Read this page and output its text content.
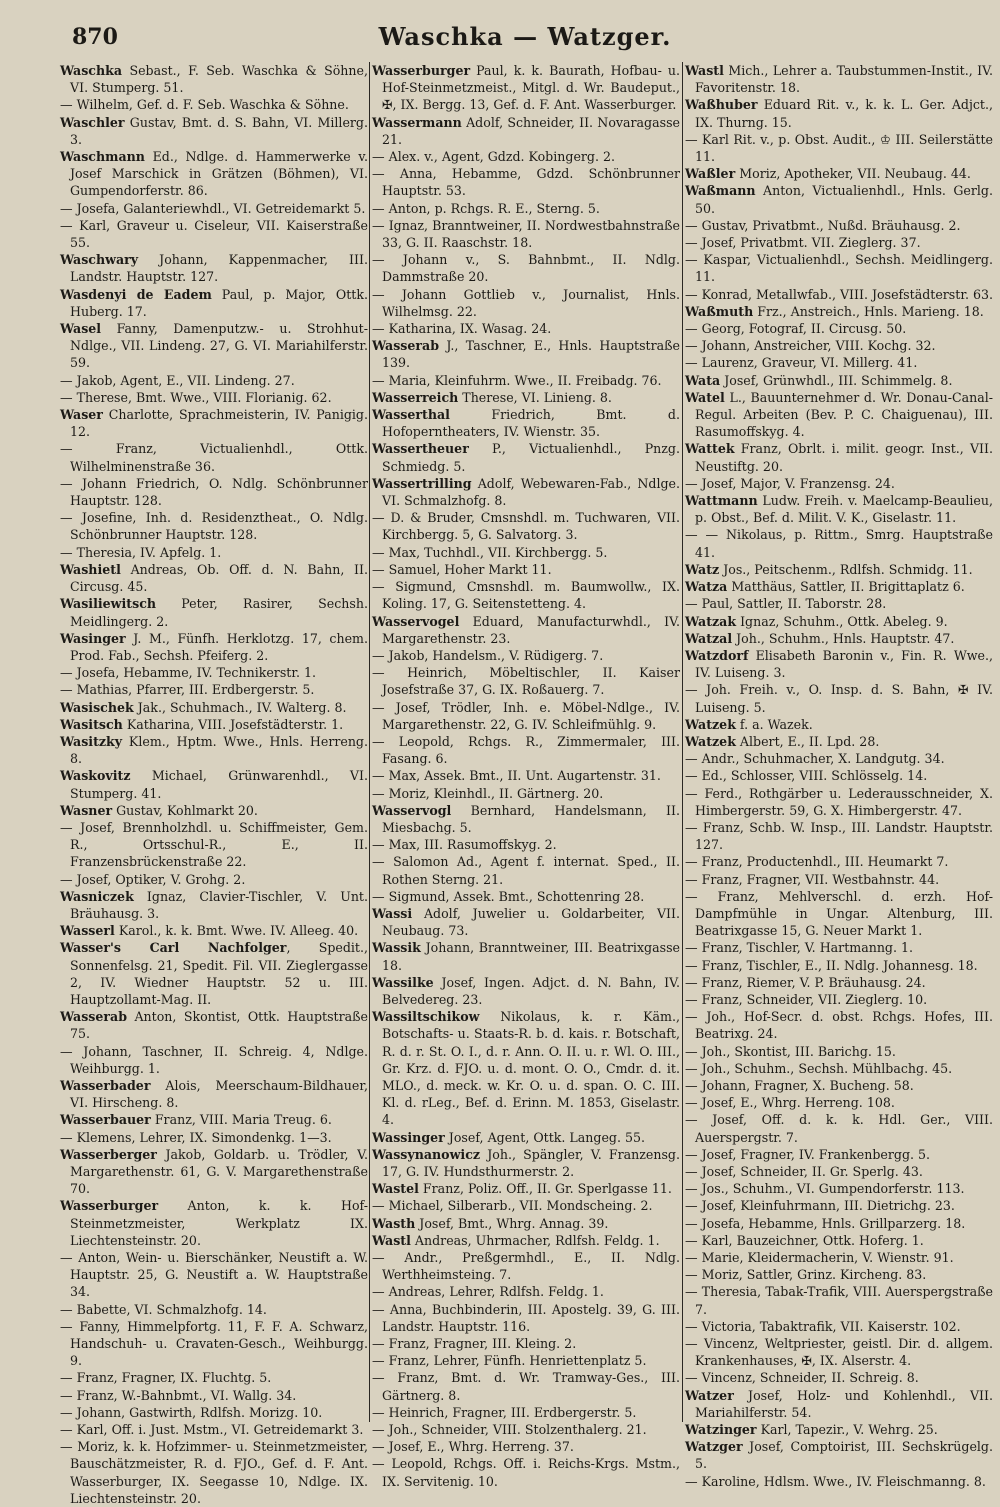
870	Waschka — Watzger.

Waschka Sebast., F. Seb. Waschka & Söhne, VI. Stumperg. 51.

— Wilhelm, Gef. d. F. Seb. Waschka & Söhne.

Waschler Gustav, Bmt. d. S. Bahn, VI. Millerg. 3.

Waschmann Ed., Ndlge. d. Hammerwerke v. Josef Marschick in Grätzen (Böhmen), VI. Gumpendorferstr. 86.

— Josefa, Galanteriewhdl., VI. Getreidemarkt 5.

— Karl, Graveur u. Ciseleur, VII. Kaiserstraße 55.

Waschwary Johann, Kappenmacher, III. Landstr. Hauptstr. 127.

Wasdenyi de Eadem Paul, p. Major, Ottk. Huberg. 17.

Wasel Fanny, Damenputzw.- u. Strohhut-Ndlge., VII. Lindeng. 27, G. VI. Mariahilferstr. 59.

— Jakob, Agent, E., VII. Lindeng. 27.

— Therese, Bmt. Wwe., VIII. Florianig. 62.

Waser Charlotte, Sprachmeisterin, IV. Panigig. 12.

— Franz, Victualienhdl., Ottk. Wilhelminenstraße 36.

— Johann Friedrich, O. Ndlg. Schönbrunner Hauptstr. 128.

— Josefine, Inh. d. Residenztheat., O. Ndlg. Schönbrunner Hauptstr. 128.

— Theresia, IV. Apfelg. 1.

Washietl Andreas, Ob. Off. d. N. Bahn, II. Circusg. 45.

Wasiliewitsch Peter, Rasirer, Sechsh. Meidlingerg. 2.

Wasinger J. M., Fünfh. Herklotzg. 17, chem. Prod. Fab., Sechsh. Pfeiferg. 2.

— Josefa, Hebamme, IV. Technikerstr. 1.

— Mathias, Pfarrer, III. Erdbergerstr. 5.

Wasischek Jak., Schuhmach., IV. Walterg. 8.

Wasitsch Katharina, VIII. Josefstädterstr. 1.

Wasitzky Klem., Hptm. Wwe., Hnls. Herreng. 8.

Waskovitz Michael, Grünwarenhdl., VI. Stumperg. 41.

Wasner Gustav, Kohlmarkt 20.

— Josef, Brennholzhdl. u. Schiffmeister, Gem. R., Ortsschul-R., E., II. Franzensbrückenstraße 22.

— Josef, Optiker, V. Grohg. 2.

Wasniczek Ignaz, Clavier-Tischler, V. Unt. Bräuhausg. 3.

Wasserl Karol., k. k. Bmt. Wwe. IV. Alleeg. 40.

Wasser's Carl Nachfolger, Spedit., Sonnenfelsg. 21, Spedit. Fil. VII. Zieglergasse 2, IV. Wiedner Hauptstr. 52 u. III. Hauptzollamt-Mag. II.

Wasserab Anton, Skontist, Ottk. Hauptstraße 75.

— Johann, Taschner, II. Schreig. 4, Ndlge. Weihburgg. 1.

Wasserbader Alois, Meerschaum-Bildhauer, VI. Hirscheng. 8.

Wasserbauer Franz, VIII. Maria Treug. 6.

— Klemens, Lehrer, IX. Simondenkg. 1—3.

Wasserberger Jakob, Goldarb. u. Trödler, V. Margarethenstr. 61, G. V. Margarethenstraße 70.

Wasserburger Anton, k. k. Hof-Steinmetzmeister, Werkplatz IX. Liechtensteinstr. 20.

— Anton, Wein- u. Bierschänker, Neustift a. W. Hauptstr. 25, G. Neustift a. W. Hauptstraße 34.

— Babette, VI. Schmalzhofg. 14.

— Fanny, Himmelpfortg. 11, F. F. A. Schwarz, Handschuh- u. Cravaten-Gesch., Weihburgg. 9.

— Franz, Fragner, IX. Fluchtg. 5.

— Franz, W.-Bahnbmt., VI. Wallg. 34.

— Johann, Gastwirth, Rdlfsh. Morizg. 10.

— Karl, Off. i. Just. Mstm., VI. Getreidemarkt 3.

— Moriz, k. k. Hofzimmer- u. Steinmetzmeister, Bauschätzmeister, R. d. FJO., Gef. d. F. Ant. Wasserburger, IX. Seegasse 10, Ndlge. IX. Liechtensteinstr. 20.

Wasserburger Paul, k. k. Baurath, Hofbau- u. Hof-Steinmetzmeist., Mitgl. d. Wr. Baudeput., ✠, IX. Bergg. 13, Gef. d. F. Ant. Wasserburger.

Wassermann Adolf, Schneider, II. Novaragasse 21.

— Alex. v., Agent, Gdzd. Kobingerg. 2.

— Anna, Hebamme, Gdzd. Schönbrunner Hauptstr. 53.

— Anton, p. Rchgs. R. E., Sterng. 5.

— Ignaz, Branntweiner, II. Nordwestbahnstraße 33, G. II. Raaschstr. 18.

— Johann v., S. Bahnbmt., II. Ndlg. Dammstraße 20.

— Johann Gottlieb v., Journalist, Hnls. Wilhelmsg. 22.

— Katharina, IX. Wasag. 24.

Wasserab J., Taschner, E., Hnls. Hauptstraße 139.

— Maria, Kleinfuhrm. Wwe., II. Freibadg. 76.

Wasserreich Therese, VI. Linieng. 8.

Wasserthal Friedrich, Bmt. d. Hofoperntheaters, IV. Wienstr. 35.

Wassertheuer P., Victualienhdl., Pnzg. Schmiedg. 5.

Wassertrilling Adolf, Webewaren-Fab., Ndlge. VI. Schmalzhofg. 8.

— D. & Bruder, Cmsnshdl. m. Tuchwaren, VII. Kirchbergg. 5, G. Salvatorg. 3.

— Max, Tuchhdl., VII. Kirchbergg. 5.

— Samuel, Hoher Markt 11.

— Sigmund, Cmsnshdl. m. Baumwollw., IX. Koling. 17, G. Seitenstetteng. 4.

Wasservogel Eduard, Manufacturwhdl., IV. Margarethenstr. 23.

— Jakob, Handelsm., V. Rüdigerg. 7.

— Heinrich, Möbeltischler, II. Kaiser Josefstraße 37, G. IX. Roßauerg. 7.

— Josef, Trödler, Inh. e. Möbel-Ndlge., IV. Margarethenstr. 22, G. IV. Schleifmühlg. 9.

— Leopold, Rchgs. R., Zimmermaler, III. Fasang. 6.

— Max, Assek. Bmt., II. Unt. Augartenstr. 31.

— Moriz, Kleinhdl., II. Gärtnerg. 20.

Wasservogl Bernhard, Handelsmann, II. Miesbachg. 5.

— Max, III. Rasumoffskyg. 2.

— Salomon Ad., Agent f. internat. Sped., II. Rothen Sterng. 21.

— Sigmund, Assek. Bmt., Schottenring 28.

Wassi Adolf, Juwelier u. Goldarbeiter, VII. Neubaug. 73.

Wassik Johann, Branntweiner, III. Beatrixgasse 18.

Wassilke Josef, Ingen. Adjct. d. N. Bahn, IV. Belvedereg. 23.

Wassiltschikow Nikolaus, k. r. Käm., Botschafts- u. Staats-R. b. d. kais. r. Botschaft, R. d. r. St. O. I., d. r. Ann. O. II. u. r. Wl. O. III., Gr. Krz. d. FJO. u. d. mont. O. O., Cmdr. d. it. MLO., d. meck. w. Kr. O. u. d. span. O. C. III. Kl. d. rLeg., Bef. d. Erinn. M. 1853, Giselastr. 4.

Wassinger Josef, Agent, Ottk. Langeg. 55.

Wassynanowicz Joh., Spängler, V. Franzensg. 17, G. IV. Hundsthurmerstr. 2.

Wastel Franz, Poliz. Off., II. Gr. Sperlgasse 11.

— Michael, Silberarb., VII. Mondscheing. 2.

Wasth Josef, Bmt., Whrg. Annag. 39.

Wastl Andreas, Uhrmacher, Rdlfsh. Feldg. 1.

— Andr., Preßgermhdl., E., II. Ndlg. Werthheimsteing. 7.

— Andreas, Lehrer, Rdlfsh. Feldg. 1.

— Anna, Buchbinderin, III. Apostelg. 39, G. III. Landstr. Hauptstr. 116.

— Franz, Fragner, III. Kleing. 2.

— Franz, Lehrer, Fünfh. Henriettenplatz 5.

— Franz, Bmt. d. Wr. Tramway-Ges., III. Gärtnerg. 8.

— Heinrich, Fragner, III. Erdbergerstr. 5.

— Joh., Schneider, VIII. Stolzenthalerg. 21.

— Josef, E., Whrg. Herreng. 37.

— Leopold, Rchgs. Off. i. Reichs-Krgs. Mstm., IX. Servitenig. 10.

Wastl Mich., Lehrer a. Taubstummen-Instit., IV. Favoritenstr. 18.

Waßhuber Eduard Rit. v., k. k. L. Ger. Adjct., IX. Thurng. 15.

— Karl Rit. v., p. Obst. Audit., ♔ III. Seilerstätte 11.

Waßler Moriz, Apotheker, VII. Neubaug. 44.

Waßmann Anton, Victualienhdl., Hnls. Gerlg. 50.

— Gustav, Privatbmt., Nußd. Bräuhausg. 2.

— Josef, Privatbmt. VII. Zieglerg. 37.

— Kaspar, Victualienhdl., Sechsh. Meidlingerg. 11.

— Konrad, Metallwfab., VIII. Josefstädterstr. 63.

Waßmuth Frz., Anstreich., Hnls. Marieng. 18.

— Georg, Fotograf, II. Circusg. 50.

— Johann, Anstreicher, VIII. Kochg. 32.

— Laurenz, Graveur, VI. Millerg. 41.

Wata Josef, Grünwhdl., III. Schimmelg. 8.

Watel L., Bauunternehmer d. Wr. Donau-Canal-Regul. Arbeiten (Bev. P. C. Chaiguenau), III. Rasumoffskyg. 4.

Wattek Franz, Obrlt. i. milit. geogr. Inst., VII. Neustiftg. 20.

— Josef, Major, V. Franzensg. 24.

Wattmann Ludw. Freih. v. Maelcamp-Beaulieu, p. Obst., Bef. d. Milit. V. K., Giselastr. 11.

— — Nikolaus, p. Rittm., Smrg. Hauptstraße 41.

Watz Jos., Peitschenm., Rdlfsh. Schmidg. 11.

Watza Matthäus, Sattler, II. Brigittaplatz 6.

— Paul, Sattler, II. Taborstr. 28.

Watzak Ignaz, Schuhm., Ottk. Abeleg. 9.

Watzal Joh., Schuhm., Hnls. Hauptstr. 47.

Watzdorf Elisabeth Baronin v., Fin. R. Wwe., IV. Luiseng. 3.

— Joh. Freih. v., O. Insp. d. S. Bahn, ✠ IV. Luiseng. 5.

Watzek f. a. Wazek.

Watzek Albert, E., II. Lpd. 28.

— Andr., Schuhmacher, X. Landgutg. 34.

— Ed., Schlosser, VIII. Schlösselg. 14.

— Ferd., Rothgärber u. Lederausschneider, X. Himbergerstr. 59, G. X. Himbergerstr. 47.

— Franz, Schb. W. Insp., III. Landstr. Hauptstr. 127.

— Franz, Productenhdl., III. Heumarkt 7.

— Franz, Fragner, VII. Westbahnstr. 44.

— Franz, Mehlverschl. d. erzh. Hof-Dampfmühle in Ungar. Altenburg, III. Beatrixgasse 15, G. Neuer Markt 1.

— Franz, Tischler, V. Hartmanng. 1.

— Franz, Tischler, E., II. Ndlg. Johannesg. 18.

— Franz, Riemer, V. P. Bräuhausg. 24.

— Franz, Schneider, VII. Zieglerg. 10.

— Joh., Hof-Secr. d. obst. Rchgs. Hofes, III. Beatrixg. 24.

— Joh., Skontist, III. Barichg. 15.

— Joh., Schuhm., Sechsh. Mühlbachg. 45.

— Johann, Fragner, X. Bucheng. 58.

— Josef, E., Whrg. Herreng. 108.

— Josef, Off. d. k. k. Hdl. Ger., VIII. Auerspergstr. 7.

— Josef, Fragner, IV. Frankenbergg. 5.

— Josef, Schneider, II. Gr. Sperlg. 43.

— Jos., Schuhm., VI. Gumpendorferstr. 113.

— Josef, Kleinfuhrmann, III. Dietrichg. 23.

— Josefa, Hebamme, Hnls. Grillparzerg. 18.

— Karl, Bauzeichner, Ottk. Hoferg. 1.

— Marie, Kleidermacherin, V. Wienstr. 91.

— Moriz, Sattler, Grinz. Kircheng. 83.

— Theresia, Tabak-Trafik, VIII. Auerspergstraße 7.

— Victoria, Tabaktrafik, VII. Kaiserstr. 102.

— Vincenz, Weltpriester, geistl. Dir. d. allgem. Krankenhauses, ✠, IX. Alserstr. 4.

— Vincenz, Schneider, II. Schreig. 8.

Watzer Josef, Holz- und Kohlenhdl., VII. Mariahilferstr. 54.

Watzinger Karl, Tapezir., V. Wehrg. 25.

Watzger Josef, Comptoirist, III. Sechskrügelg. 5.

— Karoline, Hdlsm. Wwe., IV. Fleischmanng. 8.
